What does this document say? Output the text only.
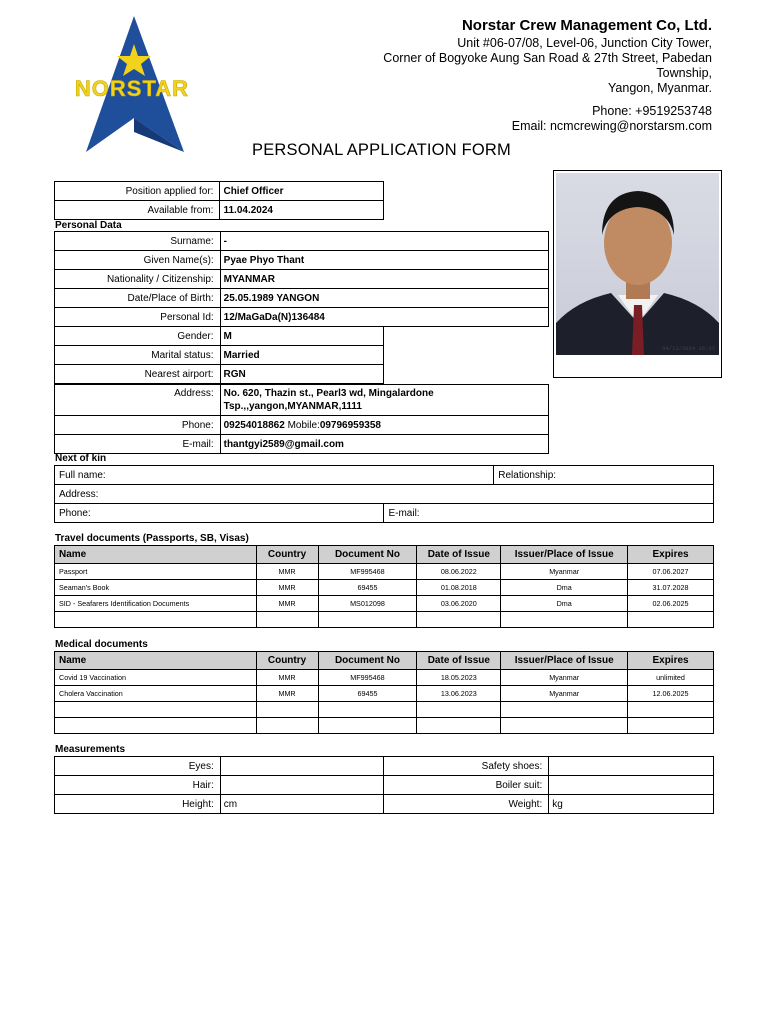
NORSTAR
Norstar Crew Management Co, Ltd.
Unit #06-07/08, Level-06, Junction City Tower,
Corner of Bogyoke Aung San Road & 27th Street, Pabedan
Township,
Yangon, Myanmar.
Phone: +9519253748
Email: ncmcrewing@norstarsm.com
PERSONAL APPLICATION FORM
04/11/2024 16:07
Position applied for:	Chief Officer
Available from:	11.04.2024
Personal Data
Surname:	-
Given Name(s):	Pyae Phyo Thant
Nationality / Citizenship:	MYANMAR
Date/Place of Birth:	25.05.1989 YANGON
Personal Id:	12/MaGaDa(N)136484
Gender:	M
Marital status:	Married
Nearest airport:	RGN
Address:	No. 620, Thazin st., Pearl3 wd, Mingalardone
Tsp.,,yangon,MYANMAR,1111

Phone:	09254018862 Mobile:09796959358
E-mail:	thantgyi2589@gmail.com
Next of kin
Full name:		Relationship:
Address:		
Phone:	E-mail:	
Travel documents (Passports, SB, Visas)
Name	Country	Document No	Date of Issue	Issuer/Place of Issue	Expires
Passport	MMR	MF995468	08.06.2022	Myanmar	07.06.2027
Seaman's Book	MMR	69455	01.08.2018	Dma	31.07.2028
SID - Seafarers Identification Documents	MMR	MS012098	03.06.2020	Dma	02.06.2025

Medical documents
Name	Country	Document No	Date of Issue	Issuer/Place of Issue	Expires
Covid 19 Vaccination	MMR	MF995468	18.05.2023	Myanmar	unlimited
Cholera Vaccination	MMR	69455	13.06.2023	Myanmar	12.06.2025

Measurements
Eyes:		Safety shoes:	
Hair:		Boiler suit:	
Height:	cm	Weight:	kg
